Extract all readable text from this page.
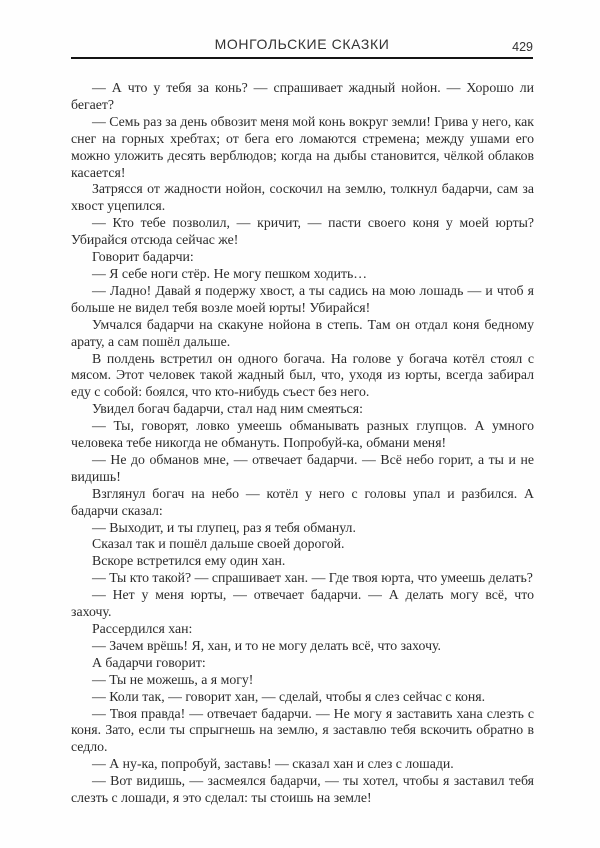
МОНГОЛЬСКИЕ СКАЗКИ	429

— А что у тебя за конь? — спрашивает жадный нойон. — Хорошо ли бегает?

— Семь раз за день обвозит меня мой конь вокруг земли! Грива у него, как снег на горных хребтах; от бега его ломаются стремена; между ушами его можно уложить десять верблюдов; когда на дыбы становится, чёлкой облаков касается!

Затрясся от жадности нойон, соскочил на землю, толкнул бадарчи, сам за хвост уцепился.

— Кто тебе позволил, — кричит, — пасти своего коня у моей юрты? Убирайся отсюда сейчас же!

Говорит бадарчи:

— Я себе ноги стёр. Не могу пешком ходить…

— Ладно! Давай я подержу хвост, а ты садись на мою лошадь — и чтоб я больше не видел тебя возле моей юрты! Убирайся!

Умчался бадарчи на скакуне нойона в степь. Там он отдал коня бедному арату, а сам пошёл дальше.

В полдень встретил он одного богача. На голове у богача котёл стоял с мясом. Этот человек такой жадный был, что, уходя из юрты, всегда забирал еду с собой: боялся, что кто-нибудь съест без него.

Увидел богач бадарчи, стал над ним смеяться:

— Ты, говорят, ловко умеешь обманывать разных глупцов. А умного человека тебе никогда не обмануть. Попробуй-ка, обмани меня!

— Не до обманов мне, — отвечает бадарчи. — Всё небо горит, а ты и не видишь!

Взглянул богач на небо — котёл у него с головы упал и разбился. А бадарчи сказал:

— Выходит, и ты глупец, раз я тебя обманул.

Сказал так и пошёл дальше своей дорогой.

Вскоре встретился ему один хан.

— Ты кто такой? — спрашивает хан. — Где твоя юрта, что умеешь делать?

— Нет у меня юрты, — отвечает бадарчи. — А делать могу всё, что захочу.

Рассердился хан:

— Зачем врёшь! Я, хан, и то не могу делать всё, что захочу.

А бадарчи говорит:

— Ты не можешь, а я могу!

— Коли так, — говорит хан, — сделай, чтобы я слез сейчас с коня.

— Твоя правда! — отвечает бадарчи. — Не могу я заставить хана слезть с коня. Зато, если ты спрыгнешь на землю, я заставлю тебя вскочить обратно в седло.

— А ну-ка, попробуй, заставь! — сказал хан и слез с лошади.

— Вот видишь, — засмеялся бадарчи, — ты хотел, чтобы я заставил тебя слезть с лошади, я это сделал: ты стоишь на земле!
